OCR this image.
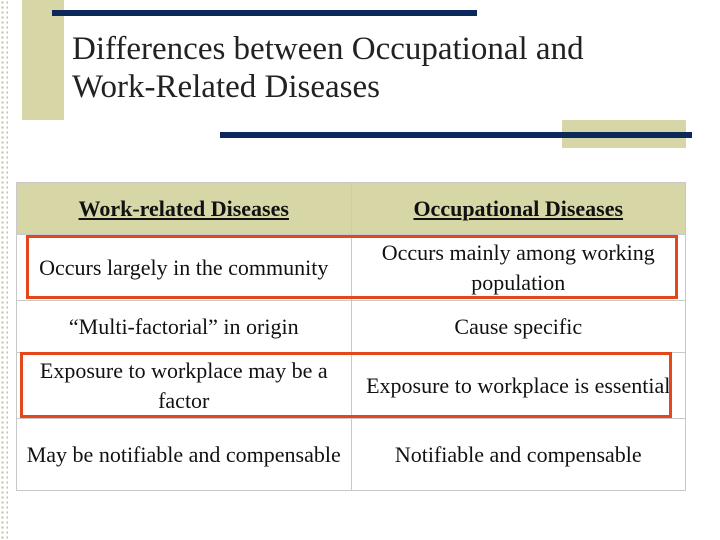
Differences between Occupational and
Work-Related Diseases
Work-related Diseases	Occupational Diseases
Occurs largely in the community	Occurs mainly among working population
“Multi-factorial” in origin	Cause specific
Exposure to workplace may be a factor	Exposure to workplace is essential
May be notifiable and compensable	Notifiable and compensable
